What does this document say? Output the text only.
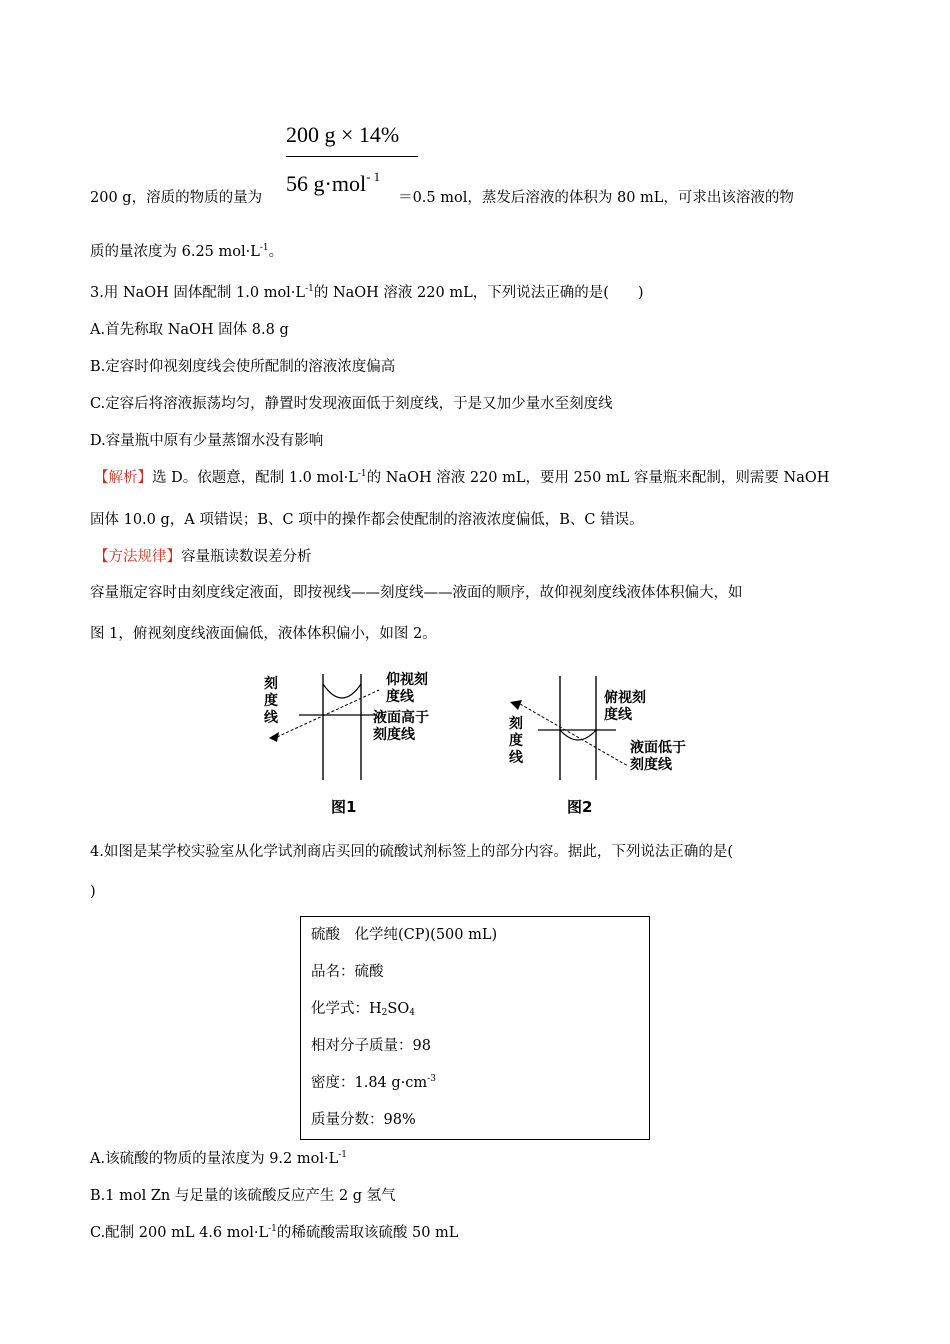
200 g × 14%
56 g·mol$^{- 1}$
200 g，溶质的物质的量为	＝0.5 mol，蒸发后溶液的体积为 80 mL，可求出该溶液的物
质的量浓度为 6.25 $mol\cdot L^{-1}$。
3.用 NaOH 固体配制 1.0 $mol\cdot L^{-1}$的 NaOH 溶液 220 mL，下列说法正确的是(　　)
A.首先称取 NaOH 固体 8.8 g
B.定容时仰视刻度线会使所配制的溶液浓度偏高
C.定容后将溶液振荡均匀，静置时发现液面低于刻度线，于是又加少量水至刻度线
D.容量瓶中原有少量蒸馏水没有影响
【解析】选 D。依题意，配制 1.0 $mol\cdot L^{-1}$的 NaOH 溶液 220 mL，要用 250 mL 容量瓶来配制，则需要 NaOH
固体 10.0 g，A 项错误；B、C 项中的操作都会使配制的溶液浓度偏低，B、C 错误。
【方法规律】容量瓶读数误差分析
容量瓶定容时由刻度线定液面，即按视线——刻度线——液面的顺序，故仰视刻度线液体体积偏大，如
图 1，俯视刻度线液面偏低，液体体积偏小，如图 2。
刻度线
仰视刻
度线
液面高于
刻度线
图1
刻度线
俯视刻
度线
液面低于
刻度线
图2
4.如图是某学校实验室从化学试剂商店买回的硫酸试剂标签上的部分内容。据此，下列说法正确的是(
)
硫酸　化学纯(CP)(500 mL)
品名：硫酸
化学式：$H_2SO_4$
相对分子质量：98
密度：1.84 $g\cdot cm^{-3}$
质量分数：98%
A.该硫酸的物质的量浓度为 9.2 $mol\cdot L^{-1}$
B.1 mol Zn 与足量的该硫酸反应产生 2 g 氢气
C.配制 200 mL 4.6 $mol\cdot L^{-1}$的稀硫酸需取该硫酸 50 mL
